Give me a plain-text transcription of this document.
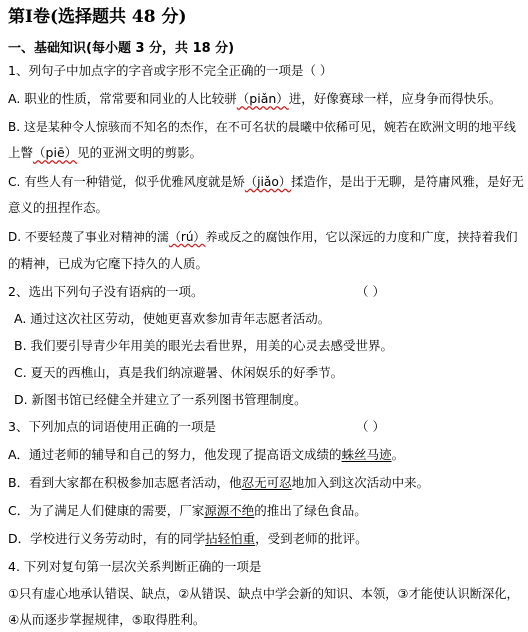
第Ⅰ卷(选择题共 48 分)
一、基础知识(每小题 3 分，共 18 分)
1、列句子中加点字的字音或字形不完全正确的一项是（ ）
A. 职业的性质，常常要和同业的人比较骈（piǎn）进，好像赛球一样，应身争而得快乐。
B. 这是某种令人惊骇而不知名的杰作，在不可名状的晨曦中依稀可见，婉若在欧洲文明的地平线
上瞥（piē）见的亚洲文明的剪影。
C. 有些人有一种错觉，似乎优雅风度就是矫（jiǎo）揉造作，是出于无聊，是符庸风雅，是好无
意义的扭捏作态。
D. 不要轻蔑了事业对精神的濡（rú）养或反之的腐蚀作用，它以深远的力度和广度，挟持着我们
的精神，已成为它麾下持久的人质。
2、选出下列句子没有语病的一项。	（ ）
A. 通过这次社区劳动，使她更喜欢参加青年志愿者活动。
B. 我们要引导青少年用美的眼光去看世界，用美的心灵去感受世界。
C. 夏天的西樵山，真是我们纳凉避暑、休闲娱乐的好季节。
D. 新图书馆已经健全并建立了一系列图书管理制度。
3、下列加点的词语使用正确的一项是	（ ）
A．通过老师的辅导和自己的努力，他发现了提高语文成绩的蛛丝马迹。
B．看到大家都在积极参加志愿者活动，他忍无可忍地加入到这次活动中来。
C．为了满足人们健康的需要，厂家源源不绝的推出了绿色食品。
D．学校进行义务劳动时，有的同学拈轻怕重，受到老师的批评。
4. 下列对复句第一层次关系判断正确的一项是
①只有虚心地承认错误、缺点，②从错误、缺点中学会新的知识、本领，③才能使认识断深化，
④从而逐步掌握规律，⑤取得胜利。
